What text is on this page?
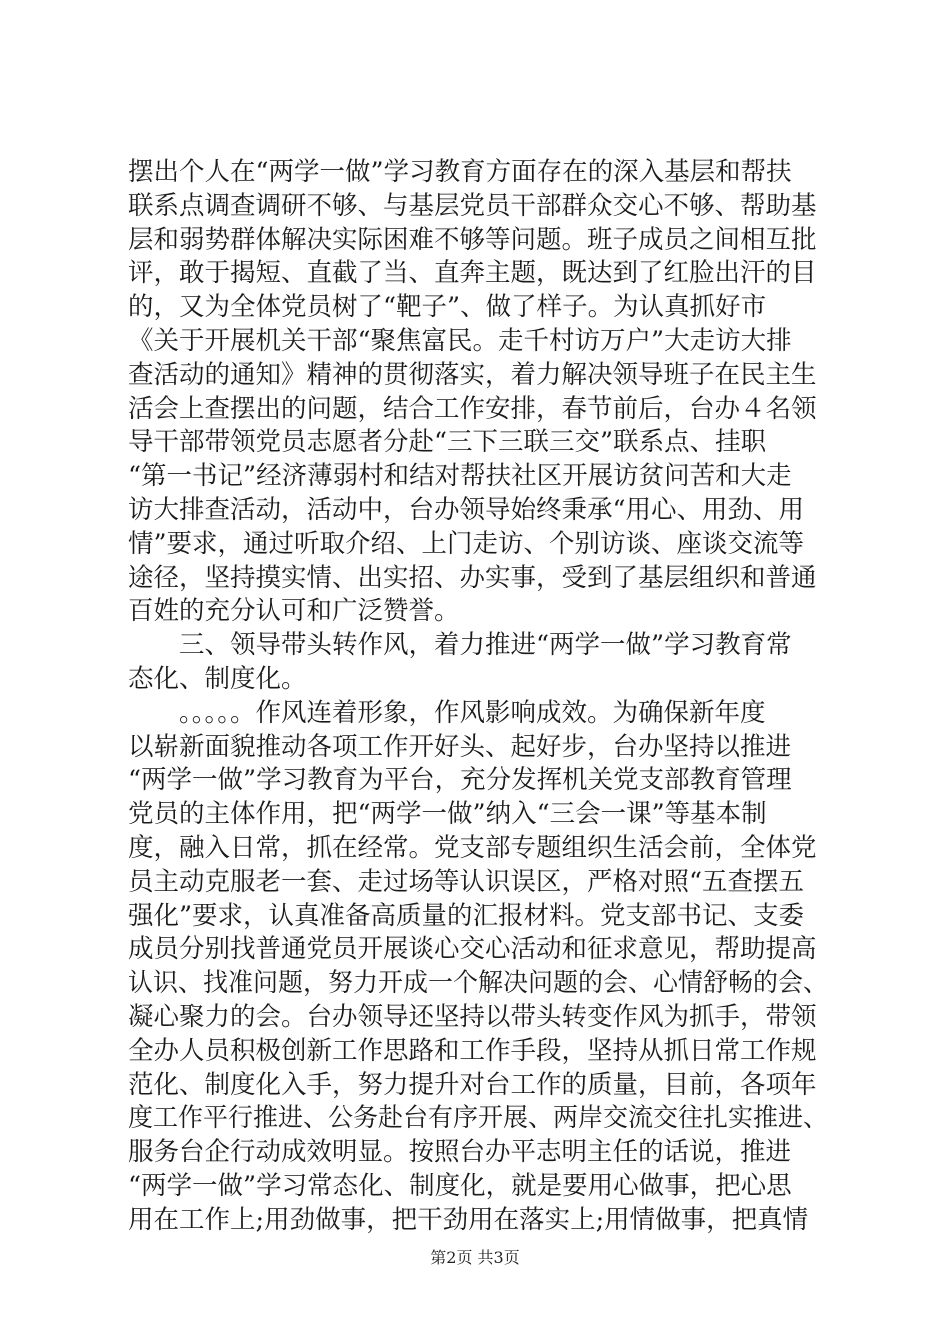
摆出个人在“两学一做”学习教育方面存在的深入基层和帮扶
联系点调查调研不够、与基层党员干部群众交心不够、帮助基
层和弱势群体解决实际困难不够等问题。班子成员之间相互批
评，敢于揭短、直截了当、直奔主题，既达到了红脸出汗的目
的，又为全体党员树了“靶子”、做了样子。为认真抓好市
《关于开展机关干部“聚焦富民。走千村访万户”大走访大排
查活动的通知》精神的贯彻落实，着力解决领导班子在民主生
活会上查摆出的问题，结合工作安排，春节前后，台办４名领
导干部带领党员志愿者分赴“三下三联三交”联系点、挂职
“第一书记”经济薄弱村和结对帮扶社区开展访贫问苦和大走
访大排查活动，活动中，台办领导始终秉承“用心、用劲、用
情”要求，通过听取介绍、上门走访、个别访谈、座谈交流等
途径，坚持摸实情、出实招、办实事，受到了基层组织和普通
百姓的充分认可和广泛赞誉。
　　三、领导带头转作风，着力推进“两学一做”学习教育常
态化、制度化。
　　。。。。。作风连着形象，作风影响成效。为确保新年度
以崭新面貌推动各项工作开好头、起好步，台办坚持以推进
“两学一做”学习教育为平台，充分发挥机关党支部教育管理
党员的主体作用，把“两学一做”纳入“三会一课”等基本制
度，融入日常，抓在经常。党支部专题组织生活会前，全体党
员主动克服老一套、走过场等认识误区，严格对照“五查摆五
强化”要求，认真准备高质量的汇报材料。党支部书记、支委
成员分别找普通党员开展谈心交心活动和征求意见，帮助提高
认识、找准问题，努力开成一个解决问题的会、心情舒畅的会、
凝心聚力的会。台办领导还坚持以带头转变作风为抓手，带领
全办人员积极创新工作思路和工作手段，坚持从抓日常工作规
范化、制度化入手，努力提升对台工作的质量，目前，各项年
度工作平行推进、公务赴台有序开展、两岸交流交往扎实推进、
服务台企行动成效明显。按照台办平志明主任的话说，推进
“两学一做”学习常态化、制度化，就是要用心做事，把心思
用在工作上;用劲做事，把干劲用在落实上;用情做事，把真情
第2页 共3页
